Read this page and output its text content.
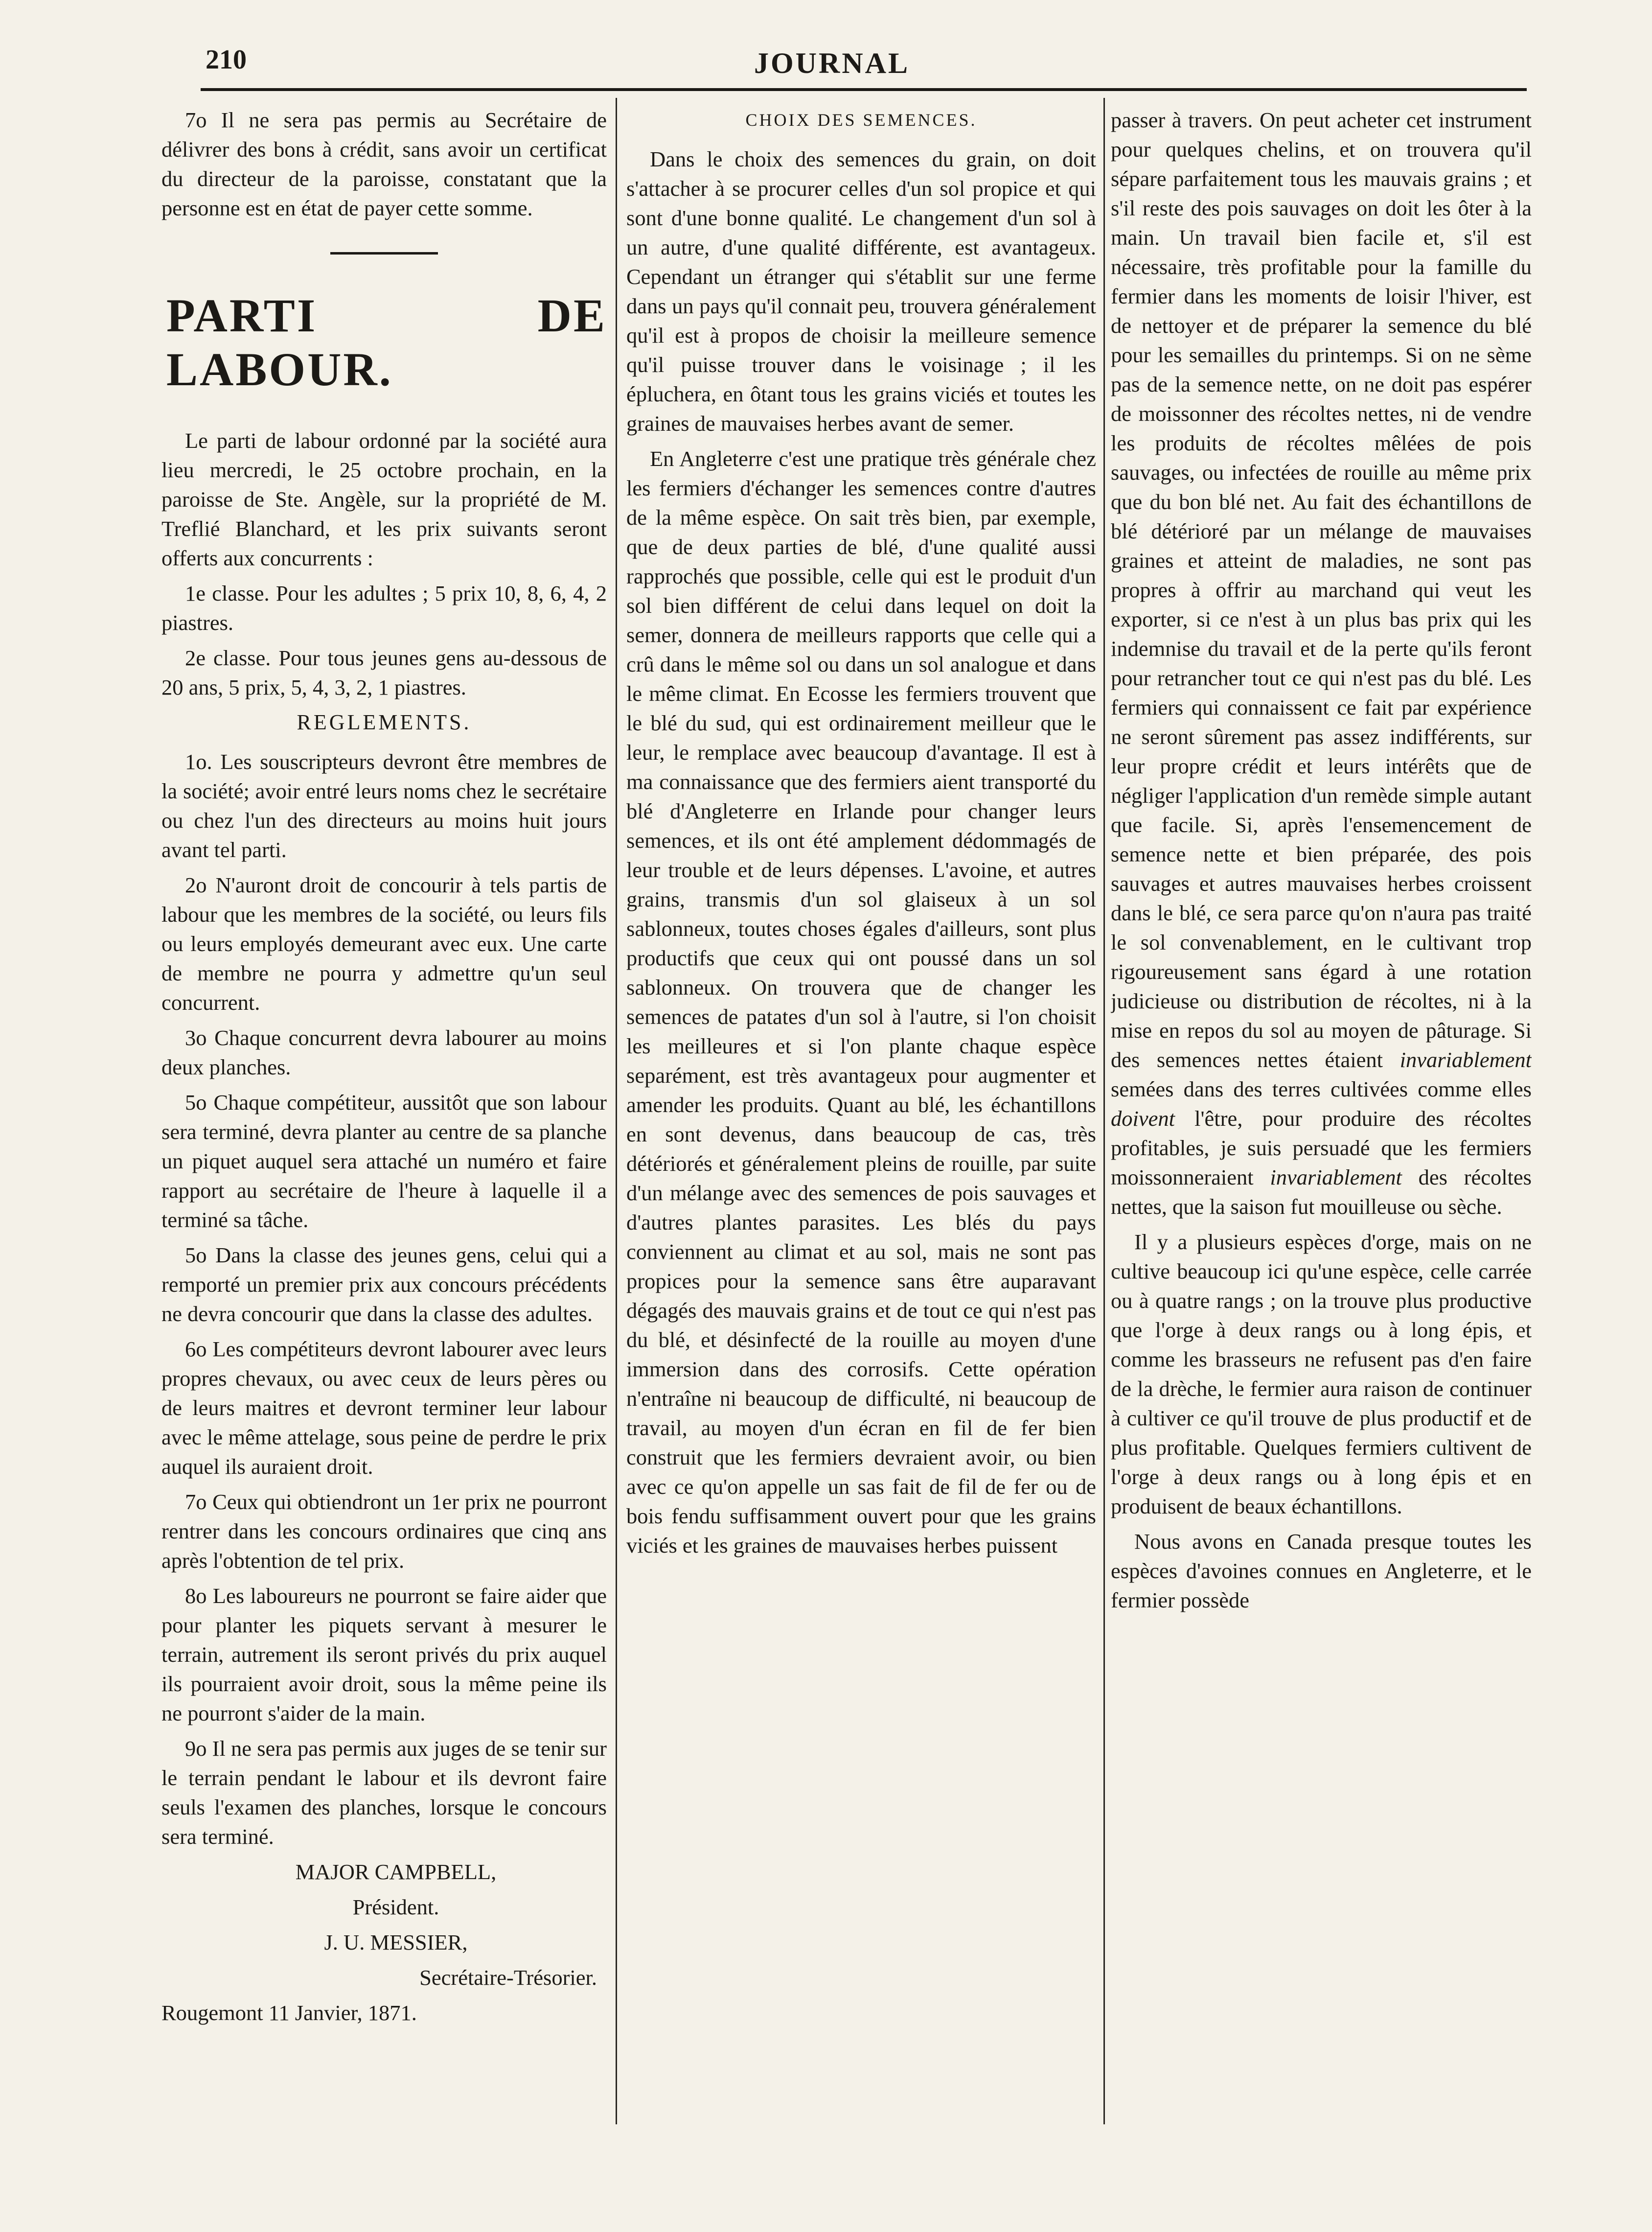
210	JOURNAL

7o Il ne sera pas permis au Secrétaire de délivrer des bons à crédit, sans avoir un certificat du directeur de la paroisse, constatant que la personne est en état de payer cette somme.

PARTI DE LABOUR.

Le parti de labour ordonné par la société aura lieu mercredi, le 25 octobre prochain, en la paroisse de Ste. Angèle, sur la propriété de M. Treflié Blanchard, et les prix suivants seront offerts aux concurrents :

1e classe. Pour les adultes ; 5 prix 10, 8, 6, 4, 2 piastres.

2e classe. Pour tous jeunes gens au-dessous de 20 ans, 5 prix, 5, 4, 3, 2, 1 piastres.

REGLEMENTS.

1o. Les souscripteurs devront être membres de la société; avoir entré leurs noms chez le secrétaire ou chez l'un des directeurs au moins huit jours avant tel parti.

2o N'auront droit de concourir à tels partis de labour que les membres de la société, ou leurs fils ou leurs employés demeurant avec eux. Une carte de membre ne pourra y admettre qu'un seul concurrent.

3o Chaque concurrent devra labourer au moins deux planches.

5o Chaque compétiteur, aussitôt que son labour sera terminé, devra planter au centre de sa planche un piquet auquel sera attaché un numéro et faire rapport au secrétaire de l'heure à laquelle il a terminé sa tâche.

5o Dans la classe des jeunes gens, celui qui a remporté un premier prix aux concours précédents ne devra concourir que dans la classe des adultes.

6o Les compétiteurs devront labourer avec leurs propres chevaux, ou avec ceux de leurs pères ou de leurs maitres et devront terminer leur labour avec le même attelage, sous peine de perdre le prix auquel ils auraient droit.

7o Ceux qui obtiendront un 1er prix ne pourront rentrer dans les concours ordinaires que cinq ans après l'obtention de tel prix.

8o Les laboureurs ne pourront se faire aider que pour planter les piquets servant à mesurer le terrain, autrement ils seront privés du prix auquel ils pourraient avoir droit, sous la même peine ils ne pourront s'aider de la main.

9o Il ne sera pas permis aux juges de se tenir sur le terrain pendant le labour et ils devront faire seuls l'examen des planches, lorsque le concours sera terminé.

MAJOR CAMPBELL,

Président.

J. U. MESSIER,

Secrétaire-Trésorier.

Rougemont 11 Janvier, 1871.

CHOIX DES SEMENCES.

Dans le choix des semences du grain, on doit s'attacher à se procurer celles d'un sol propice et qui sont d'une bonne qualité. Le changement d'un sol à un autre, d'une qualité différente, est avantageux. Cependant un étranger qui s'établit sur une ferme dans un pays qu'il connait peu, trouvera généralement qu'il est à propos de choisir la meilleure semence qu'il puisse trouver dans le voisinage ; il les épluchera, en ôtant tous les grains viciés et toutes les graines de mauvaises herbes avant de semer.

En Angleterre c'est une pratique très générale chez les fermiers d'échanger les semences contre d'autres de la même espèce. On sait très bien, par exemple, que de deux parties de blé, d'une qualité aussi rapprochés que possible, celle qui est le produit d'un sol bien différent de celui dans lequel on doit la semer, donnera de meilleurs rapports que celle qui a crû dans le même sol ou dans un sol analogue et dans le même climat. En Ecosse les fermiers trouvent que le blé du sud, qui est ordinairement meilleur que le leur, le remplace avec beaucoup d'avantage. Il est à ma connaissance que des fermiers aient transporté du blé d'Angleterre en Irlande pour changer leurs semences, et ils ont été amplement dédommagés de leur trouble et de leurs dépenses. L'avoine, et autres grains, transmis d'un sol glaiseux à un sol sablonneux, toutes choses égales d'ailleurs, sont plus productifs que ceux qui ont poussé dans un sol sablonneux. On trouvera que de changer les semences de patates d'un sol à l'autre, si l'on choisit les meilleures et si l'on plante chaque espèce separément, est très avantageux pour augmenter et amender les produits. Quant au blé, les échantillons en sont devenus, dans beaucoup de cas, très détériorés et généralement pleins de rouille, par suite d'un mélange avec des semences de pois sauvages et d'autres plantes parasites. Les blés du pays conviennent au climat et au sol, mais ne sont pas propices pour la semence sans être auparavant dégagés des mauvais grains et de tout ce qui n'est pas du blé, et désinfecté de la rouille au moyen d'une immersion dans des corrosifs. Cette opération n'entraîne ni beaucoup de difficulté, ni beaucoup de travail, au moyen d'un écran en fil de fer bien construit que les fermiers devraient avoir, ou bien avec ce qu'on appelle un sas fait de fil de fer ou de bois fendu suffisamment ouvert pour que les grains viciés et les graines de mauvaises herbes puissent

passer à travers. On peut acheter cet instrument pour quelques chelins, et on trouvera qu'il sépare parfaitement tous les mauvais grains ; et s'il reste des pois sauvages on doit les ôter à la main. Un travail bien facile et, s'il est nécessaire, très profitable pour la famille du fermier dans les moments de loisir l'hiver, est de nettoyer et de préparer la semence du blé pour les semailles du printemps. Si on ne sème pas de la semence nette, on ne doit pas espérer de moissonner des récoltes nettes, ni de vendre les produits de récoltes mêlées de pois sauvages, ou infectées de rouille au même prix que du bon blé net. Au fait des échantillons de blé détérioré par un mélange de mauvaises graines et atteint de maladies, ne sont pas propres à offrir au marchand qui veut les exporter, si ce n'est à un plus bas prix qui les indemnise du travail et de la perte qu'ils feront pour retrancher tout ce qui n'est pas du blé. Les fermiers qui connaissent ce fait par expérience ne seront sûrement pas assez indifférents, sur leur propre crédit et leurs intérêts que de négliger l'application d'un remède simple autant que facile. Si, après l'ensemencement de semence nette et bien préparée, des pois sauvages et autres mauvaises herbes croissent dans le blé, ce sera parce qu'on n'aura pas traité le sol convenablement, en le cultivant trop rigoureusement sans égard à une rotation judicieuse ou distribution de récoltes, ni à la mise en repos du sol au moyen de pâturage. Si des semences nettes étaient invariablement semées dans des terres cultivées comme elles doivent l'être, pour produire des récoltes profitables, je suis persuadé que les fermiers moissonneraient invariablement des récoltes nettes, que la saison fut mouilleuse ou sèche.

Il y a plusieurs espèces d'orge, mais on ne cultive beaucoup ici qu'une espèce, celle carrée ou à quatre rangs ; on la trouve plus productive que l'orge à deux rangs ou à long épis, et comme les brasseurs ne refusent pas d'en faire de la drèche, le fermier aura raison de continuer à cultiver ce qu'il trouve de plus productif et de plus profitable. Quelques fermiers cultivent de l'orge à deux rangs ou à long épis et en produisent de beaux échantillons.

Nous avons en Canada presque toutes les espèces d'avoines connues en Angleterre, et le fermier possède
